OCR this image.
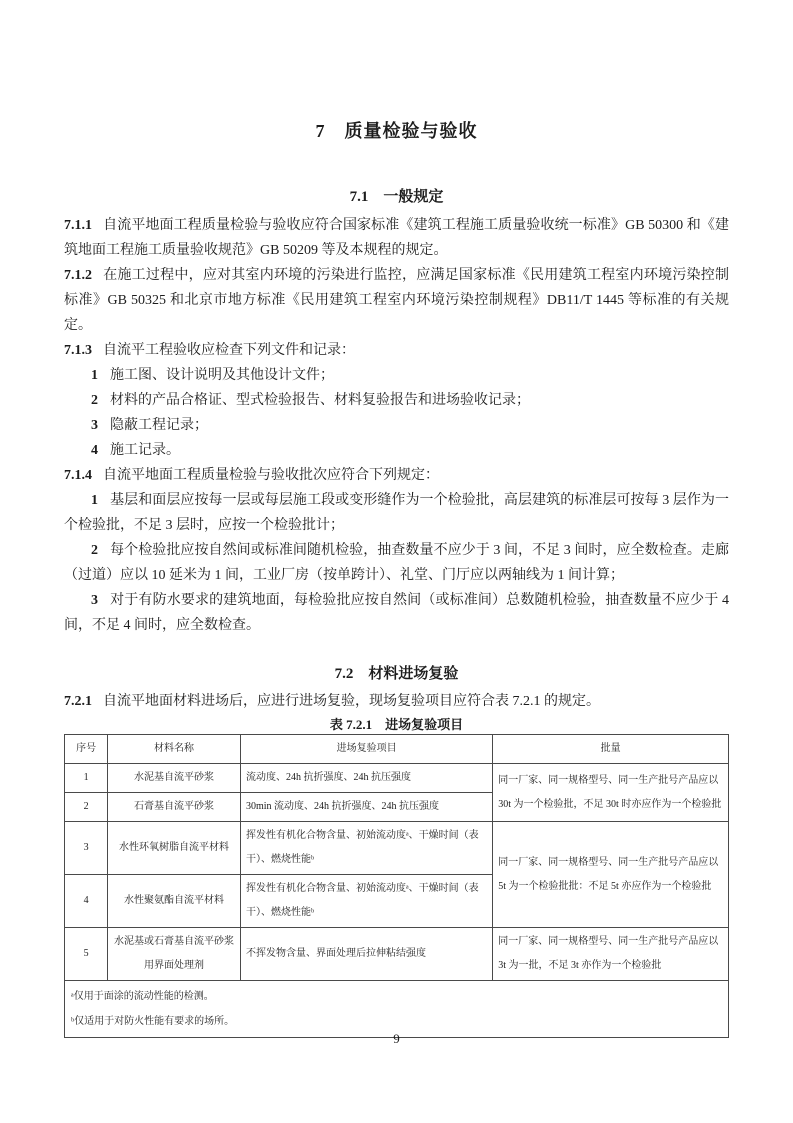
7　质量检验与验收
7.1　一般规定

7.1.1 自流平地面工程质量检验与验收应符合国家标准《建筑工程施工质量验收统一标准》GB 50300 和《建筑地面工程施工质量验收规范》GB 50209 等及本规程的规定。

7.1.2 在施工过程中，应对其室内环境的污染进行监控，应满足国家标准《民用建筑工程室内环境污染控制标准》GB 50325 和北京市地方标准《民用建筑工程室内环境污染控制规程》DB11/T 1445 等标准的有关规定。

7.1.3 自流平工程验收应检查下列文件和记录：

1 施工图、设计说明及其他设计文件；

2 材料的产品合格证、型式检验报告、材料复验报告和进场验收记录；

3 隐蔽工程记录；

4 施工记录。

7.1.4 自流平地面工程质量检验与验收批次应符合下列规定：

1 基层和面层应按每一层或每层施工段或变形缝作为一个检验批，高层建筑的标准层可按每 3 层作为一个检验批，不足 3 层时，应按一个检验批计；

2 每个检验批应按自然间或标准间随机检验，抽查数量不应少于 3 间，不足 3 间时，应全数检查。走廊（过道）应以 10 延米为 1 间，工业厂房（按单跨计）、礼堂、门厅应以两轴线为 1 间计算；

3 对于有防水要求的建筑地面，每检验批应按自然间（或标准间）总数随机检验，抽查数量不应少于 4 间，不足 4 间时，应全数检查。

7.2　材料进场复验

7.2.1 自流平地面材料进场后，应进行进场复验，现场复验项目应符合表 7.2.1 的规定。

表 7.2.1　进场复验项目
序号	材料名称	进场复验项目	批量
1	水泥基自流平砂浆	流动度、24h 抗折强度、24h 抗压强度	同一厂家、同一规格型号、同一生产批号产品应以 30t 为一个检验批，不足 30t 时亦应作为一个检验批
2	石膏基自流平砂浆	30min 流动度、24h 抗折强度、24h 抗压强度	
3	水性环氧树脂自流平材料	挥发性有机化合物含量、初始流动度ᵃ、干燥时间（表干）、燃烧性能ᵇ	同一厂家、同一规格型号、同一生产批号产品应以 5t 为一个检验批批：不足 5t 亦应作为一个检验批
4	水性聚氨酯自流平材料	挥发性有机化合物含量、初始流动度ᵃ、干燥时间（表干）、燃烧性能ᵇ	
5	水泥基或石膏基自流平砂浆用界面处理剂	不挥发物含量、界面处理后拉伸粘结强度	同一厂家、同一规格型号、同一生产批号产品应以 3t 为一批，不足 3t 亦作为一个检验批

ᵃ仅用于面涂的流动性能的检测。
ᵇ仅适用于对防火性能有要求的场所。			
9
